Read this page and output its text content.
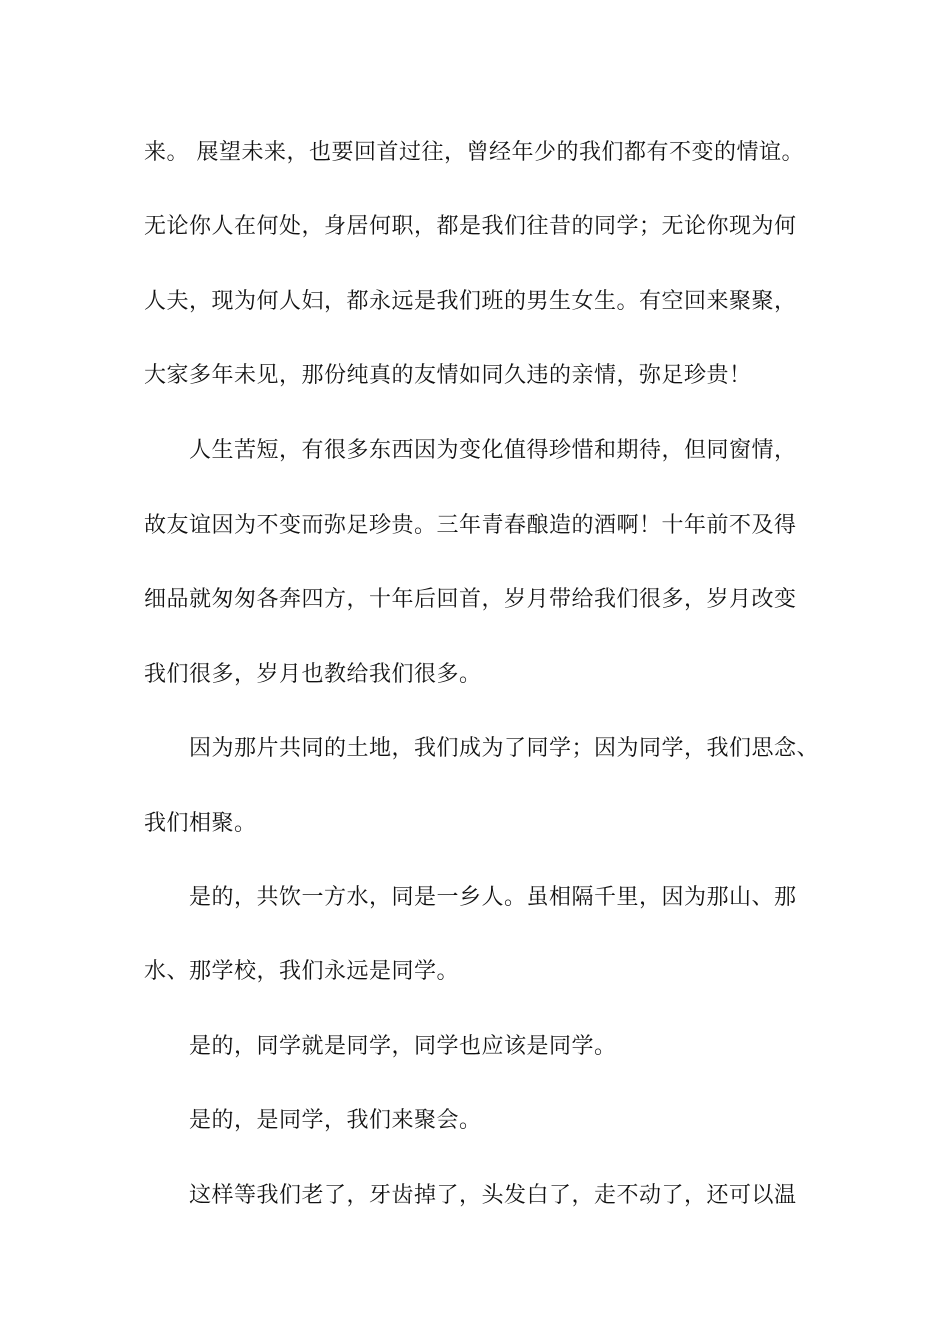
来。 展望未来，也要回首过往，曾经年少的我们都有不变的情谊。
无论你人在何处，身居何职，都是我们往昔的同学；无论你现为何
人夫，现为何人妇，都永远是我们班的男生女生。有空回来聚聚，
大家多年未见，那份纯真的友情如同久违的亲情，弥足珍贵！
人生苦短，有很多东西因为变化值得珍惜和期待，但同窗情，
故友谊因为不变而弥足珍贵。三年青春酿造的酒啊！十年前不及得
细品就匆匆各奔四方，十年后回首，岁月带给我们很多，岁月改变
我们很多，岁月也教给我们很多。
因为那片共同的土地，我们成为了同学；因为同学，我们思念、
我们相聚。
是的，共饮一方水，同是一乡人。虽相隔千里，因为那山、那
水、那学校，我们永远是同学。
是的，同学就是同学，同学也应该是同学。
是的，是同学，我们来聚会。
这样等我们老了，牙齿掉了，头发白了，走不动了，还可以温
